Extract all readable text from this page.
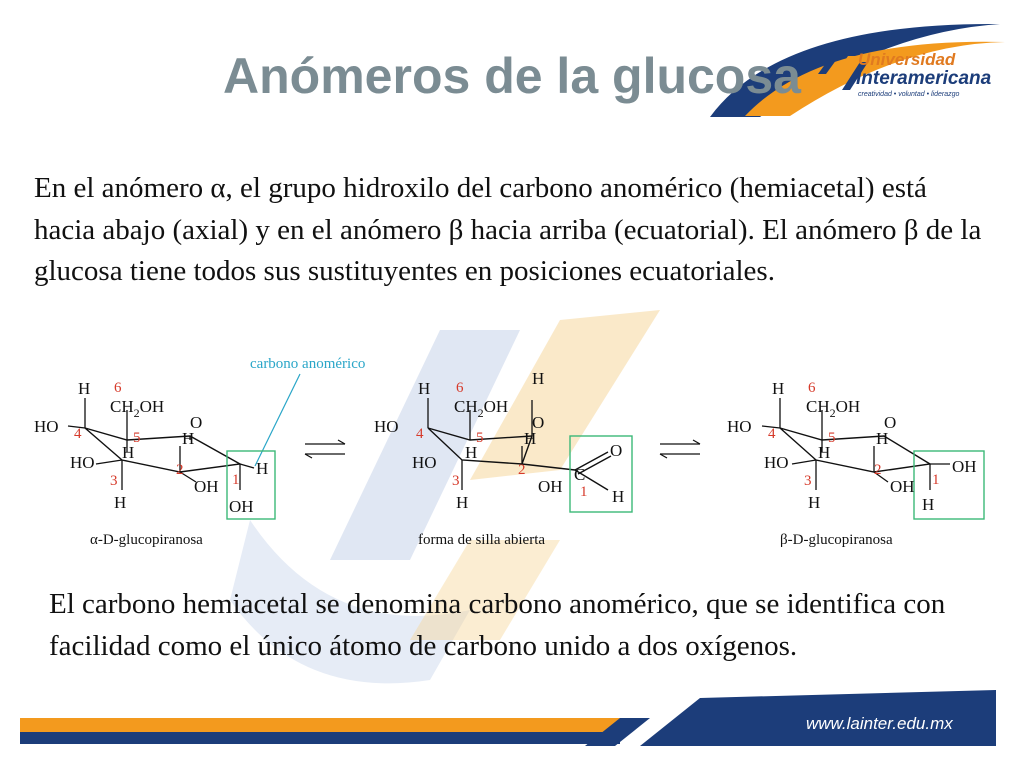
Universidad
Interamericana
creatividad • voluntad • liderazgo
Anómeros de la glucosa

En el anómero α, el grupo hidroxilo del carbono anomérico (hemiacetal) está hacia abajo (axial) y en el anómero β hacia arriba (ecuatorial). El anómero β de la glucosa tiene todos sus sustituyentes en posiciones ecuatoriales.

carbono anomérico
H 6
$CH_2OH$
O
HO 4	5 H
H
HO	2	H
1
3	OH
H	OH
α-D-glucopiranosa
H
H 6
$CH_2OH$
O
HO 4	5 H
O
H
HO	2	C
3	OH 1 H
H
forma de silla abierta
H 6
$CH_2OH$
O
HO 4	5 H
H
HO	2	OH
1
3	OH
H	H
β-D-glucopiranosa

El carbono hemiacetal se denomina carbono anomérico, que se identifica con facilidad como el único átomo de carbono unido a dos oxígenos.

www.lainter.edu.mx
